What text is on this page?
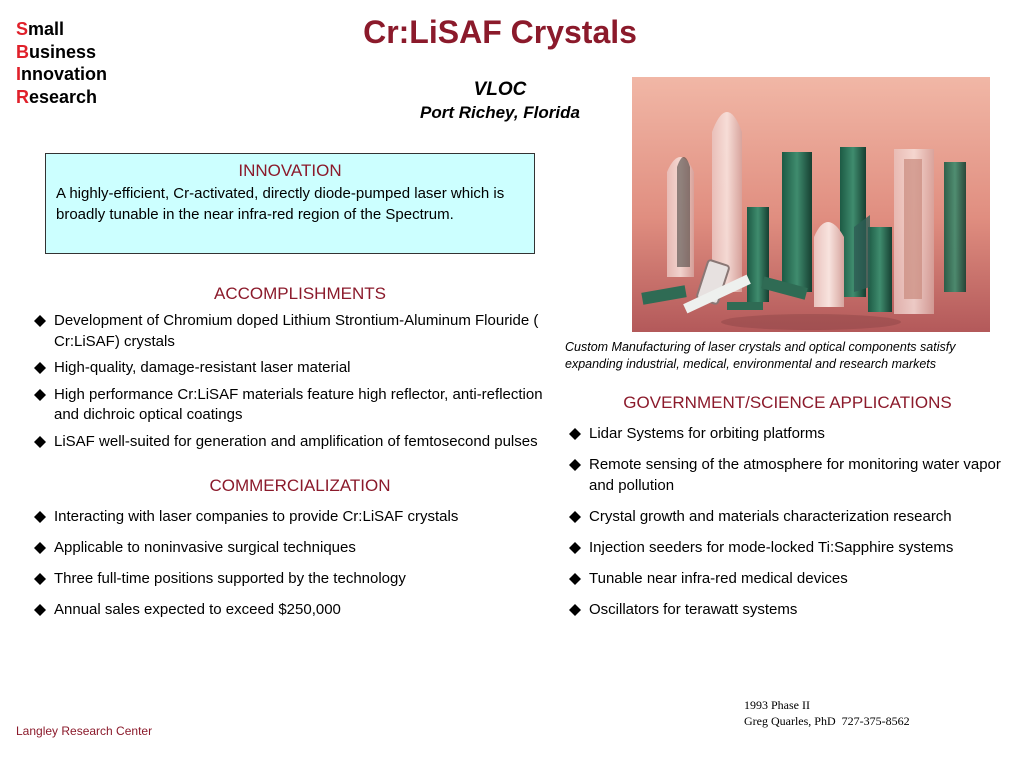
Small
Business
Innovation
Research
Cr:LiSAF Crystals
VLOC
Port Richey, Florida
INNOVATION

A highly-efficient, Cr-activated, directly diode-pumped laser which is broadly tunable in the near infra-red region of the Spectrum.

ACCOMPLISHMENTS
Development of Chromium doped Lithium Strontium-Aluminum Flouride ( Cr:LiSAF) crystals
High-quality, damage-resistant laser material
High performance Cr:LiSAF materials feature high reflector, anti-reflection and dichroic optical coatings
LiSAF well-suited for generation and amplification of femtosecond pulses
COMMERCIALIZATION
Interacting with laser companies to provide Cr:LiSAF crystals
Applicable to noninvasive surgical techniques
Three full-time positions supported by the technology
Annual sales expected to exceed $250,000
Custom Manufacturing of laser crystals and optical components satisfy expanding industrial, medical, environmental and research markets
GOVERNMENT/SCIENCE APPLICATIONS
Lidar Systems for orbiting platforms
Remote sensing of the atmosphere for monitoring water vapor and pollution
Crystal growth and materials characterization research
Injection seeders for mode-locked Ti:Sapphire systems
Tunable near infra-red medical devices
Oscillators for terawatt systems
1993 Phase II
Greg Quarles, PhD  727-375-8562
Langley Research Center
